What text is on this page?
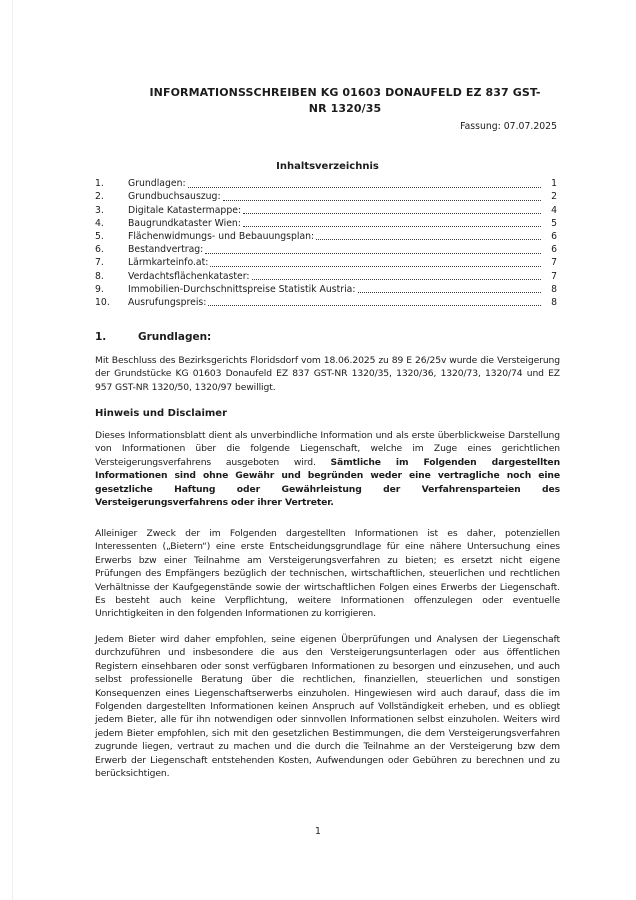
INFORMATIONSSCHREIBEN KG 01603 DONAUFELD EZ 837 GST-
NR 1320/35
Fassung: 07.07.2025
Inhaltsverzeichnis
1.	Grundlagen:	1
2.	Grundbuchsauszug:	2
3.	Digitale Katastermappe:	4
4.	Baugrundkataster Wien:	5
5.	Flächenwidmungs- und Bebauungsplan:	6
6.	Bestandvertrag:	6
7.	Lärmkarteinfo.at:	7
8.	Verdachtsflächenkataster:	7
9.	Immobilien-Durchschnittspreise Statistik Austria:	8
10.	Ausrufungspreis:	8
1.	Grundlagen:
Mit Beschluss des Bezirksgerichts Floridsdorf vom 18.06.2025 zu 89 E 26/25v wurde die Versteigerung der Grundstücke KG 01603 Donaufeld EZ 837 GST-NR 1320/35, 1320/36, 1320/73, 1320/74 und EZ 957 GST-NR 1320/50, 1320/97 bewilligt.
Hinweis und Disclaimer
Dieses Informationsblatt dient als unverbindliche Information und als erste überblickweise Darstellung von Informationen über die folgende Liegenschaft, welche im Zuge eines gerichtlichen Versteigerungsverfahrens ausgeboten wird. Sämtliche im Folgenden dargestellten Informationen sind ohne Gewähr und begründen weder eine vertragliche noch eine gesetzliche Haftung oder Gewährleistung der Verfahrensparteien des Versteigerungsverfahrens oder ihrer Vertreter.
Alleiniger Zweck der im Folgenden dargestellten Informationen ist es daher, potenziellen Interessenten („Bietern“) eine erste Entscheidungsgrundlage für eine nähere Untersuchung eines Erwerbs bzw einer Teilnahme am Versteigerungsverfahren zu bieten; es ersetzt nicht eigene Prüfungen des Empfängers bezüglich der technischen, wirtschaftlichen, steuerlichen und rechtlichen Verhältnisse der Kaufgegenstände sowie der wirtschaftlichen Folgen eines Erwerbs der Liegenschaft. Es besteht auch keine Verpflichtung, weitere Informationen offenzulegen oder eventuelle Unrichtigkeiten in den folgenden Informationen zu korrigieren.
Jedem Bieter wird daher empfohlen, seine eigenen Überprüfungen und Analysen der Liegenschaft durchzuführen und insbesondere die aus den Versteigerungsunterlagen oder aus öffentlichen Registern einsehbaren oder sonst verfügbaren Informationen zu besorgen und einzusehen, und auch selbst professionelle Beratung über die rechtlichen, finanziellen, steuerlichen und sonstigen Konsequenzen eines Liegenschaftserwerbs einzuholen. Hingewiesen wird auch darauf, dass die im Folgenden dargestellten Informationen keinen Anspruch auf Vollständigkeit erheben, und es obliegt jedem Bieter, alle für ihn notwendigen oder sinnvollen Informationen selbst einzuholen. Weiters wird jedem Bieter empfohlen, sich mit den gesetzlichen Bestimmungen, die dem Versteigerungsverfahren zugrunde liegen, vertraut zu machen und die durch die Teilnahme an der Versteigerung bzw dem Erwerb der Liegenschaft entstehenden Kosten, Aufwendungen oder Gebühren zu berechnen und zu berücksichtigen.
1
